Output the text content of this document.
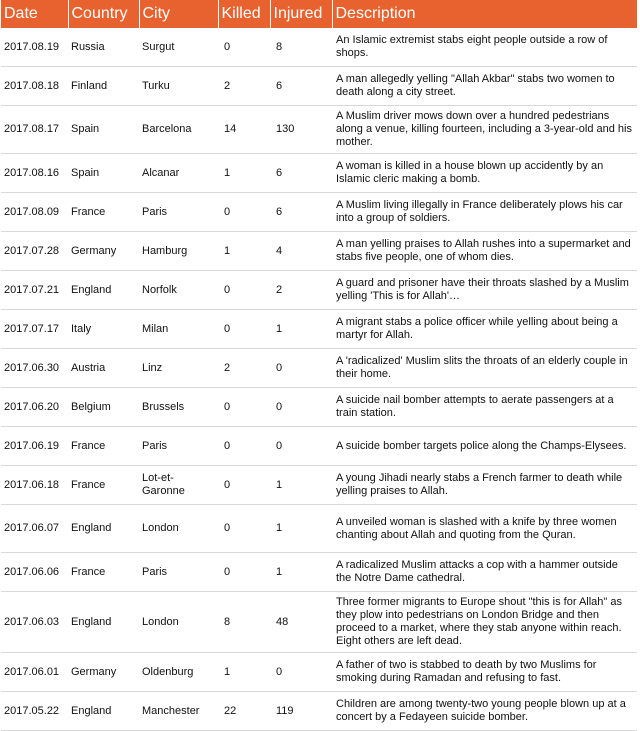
Date	Country	City	Killed	Injured	Description
2017.08.19	Russia	Surgut	0	8	An Islamic extremist stabs eight people outside a row of shops.
2017.08.18	Finland	Turku	2	6	A man allegedly yelling "Allah Akbar" stabs two women to death along a city street.
2017.08.17	Spain	Barcelona	14	130	A Muslim driver mows down over a hundred pedestrians along a venue, killing fourteen, including a 3-year-old and his mother.
2017.08.16	Spain	Alcanar	1	6	A woman is killed in a house blown up accidently by an Islamic cleric making a bomb.
2017.08.09	France	Paris	0	6	A Muslim living illegally in France deliberately plows his car into a group of soldiers.
2017.07.28	Germany	Hamburg	1	4	A man yelling praises to Allah rushes into a supermarket and stabs five people, one of whom dies.
2017.07.21	England	Norfolk	0	2	A guard and prisoner have their throats slashed by a Muslim yelling 'This is for Allah'…
2017.07.17	Italy	Milan	0	1	A migrant stabs a police officer while yelling about being a martyr for Allah.
2017.06.30	Austria	Linz	2	0	A 'radicalized' Muslim slits the throats of an elderly couple in their home.
2017.06.20	Belgium	Brussels	0	0	A suicide nail bomber attempts to aerate passengers at a train station.
2017.06.19	France	Paris	0	0	A suicide bomber targets police along the Champs-Elysees.
2017.06.18	France	Lot-et-Garonne	0	1	A young Jihadi nearly stabs a French farmer to death while yelling praises to Allah.
2017.06.07	England	London	0	1	A unveiled woman is slashed with a knife by three women chanting about Allah and quoting from the Quran.
2017.06.06	France	Paris	0	1	A radicalized Muslim attacks a cop with a hammer outside the Notre Dame cathedral.
2017.06.03	England	London	8	48	Three former migrants to Europe shout "this is for Allah" as they plow into pedestrians on London Bridge and then proceed to a market, where they stab anyone within reach. Eight others are left dead.
2017.06.01	Germany	Oldenburg	1	0	A father of two is stabbed to death by two Muslims for smoking during Ramadan and refusing to fast.
2017.05.22	England	Manchester	22	119	Children are among twenty-two young people blown up at a concert by a Fedayeen suicide bomber.
